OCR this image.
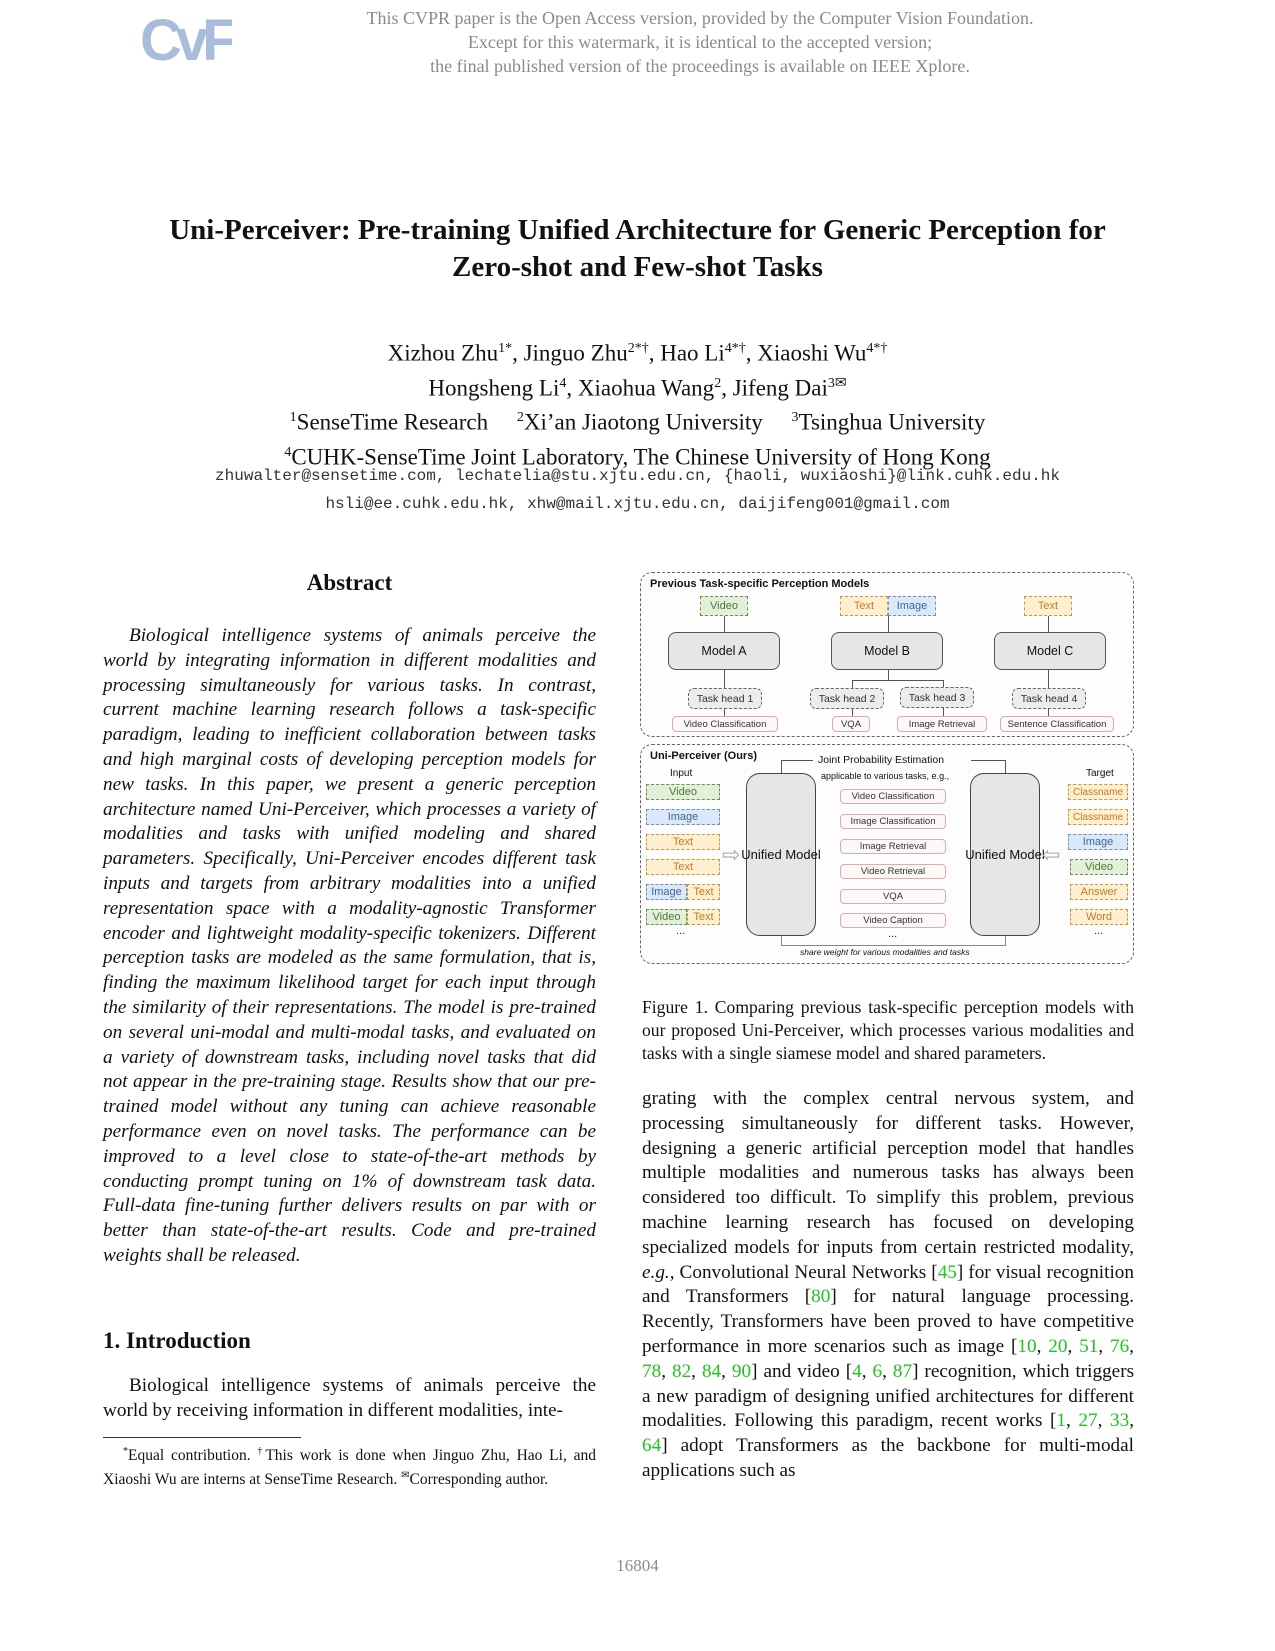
CvF	This CVPR paper is the Open Access version, provided by the Computer Vision Foundation.
Except for this watermark, it is identical to the accepted version;
the final published version of the proceedings is available on IEEE Xplore.
Uni-Perceiver: Pre-training Unified Architecture for Generic Perception for
Zero-shot and Few-shot Tasks
Xizhou Zhu$^{1*}$, Jinguo Zhu$^{2*\dagger}$, Hao $Li^{4*\dagger}$, Xiaoshi $Wu^{4*\dagger}$
Hongsheng Li$^4$, Xiaohua Wang$^2$, Jifeng Dai$^{3✉}$
$^1$SenseTime Research $^2$Xi’an Jiaotong University $^3$Tsinghua University
$^4$CUHK-SenseTime Joint Laboratory, The Chinese University of Hong Kong
zhuwalter@sensetime.com, lechatelia@stu.xjtu.edu.cn, {haoli, wuxiaoshi}@link.cuhk.edu.hk
hsli@ee.cuhk.edu.hk, xhw@mail.xjtu.edu.cn, daijifeng001@gmail.com
Abstract
Biological intelligence systems of animals perceive the world by integrating information in different modalities and processing simultaneously for various tasks. In contrast, current machine learning research follows a task-specific paradigm, leading to inefficient collaboration between tasks and high marginal costs of developing perception models for new tasks. In this paper, we present a generic perception architecture named Uni-Perceiver, which processes a variety of modalities and tasks with unified modeling and shared parameters. Specifically, Uni-Perceiver encodes different task inputs and targets from arbitrary modalities into a unified representation space with a modality-agnostic Transformer encoder and lightweight modality-specific tokenizers. Different perception tasks are modeled as the same formulation, that is, finding the maximum likelihood target for each input through the similarity of their representations. The model is pre-trained on several uni-modal and multi-modal tasks, and evaluated on a variety of downstream tasks, including novel tasks that did not appear in the pre-training stage. Results show that our pre-trained model without any tuning can achieve reasonable performance even on novel tasks. The performance can be improved to a level close to state-of-the-art methods by conducting prompt tuning on 1% of downstream task data. Full-data fine-tuning further delivers results on par with or better than state-of-the-art results. Code and pre-trained weights shall be released.
1. Introduction
Biological intelligence systems of animals perceive the world by receiving information in different modalities, inte-
*Equal contribution. †This work is done when Jinguo Zhu, Hao Li, and Xiaoshi Wu are interns at SenseTime Research. ✉Corresponding author.
Previous Task-specific Perception Models
Video	Text	Image	Text
Model A	Model B	Model C
Task head 1	Task head 2	Task head 3	Task head 4
Video Classification	VQA	Image Retrieval	Sentence Classification
Uni-Perceiver (Ours)
Input	Target
Video
Image
Text
Text
Image	Text
Video	Text
...
⇨ Unified Model	Unified Model
Joint Probability Estimation
applicable to various tasks, e.g.,
Video Classification
Image Classification
Image Retrieval
Video Retrieval
VQA
Video Caption
...
⇦
Classname
Classname
Image
Video
Answer
Word
...
share weight for various modalities and tasks
Figure 1. Comparing previous task-specific perception models with our proposed Uni-Perceiver, which processes various modalities and tasks with a single siamese model and shared parameters.
grating with the complex central nervous system, and processing simultaneously for different tasks. However, designing a generic artificial perception model that handles multiple modalities and numerous tasks has always been considered too difficult. To simplify this problem, previous machine learning research has focused on developing specialized models for inputs from certain restricted modality, e.g., Convolutional Neural Networks [45] for visual recognition and Transformers [80] for natural language processing. Recently, Transformers have been proved to have competitive performance in more scenarios such as image [10, 20, 51, 76, 78, 82, 84, 90] and video [4, 6, 87] recognition, which triggers a new paradigm of designing unified architectures for different modalities. Following this paradigm, recent works [1, 27, 33, 64] adopt Transformers as the backbone for multi-modal applications such as
16804
